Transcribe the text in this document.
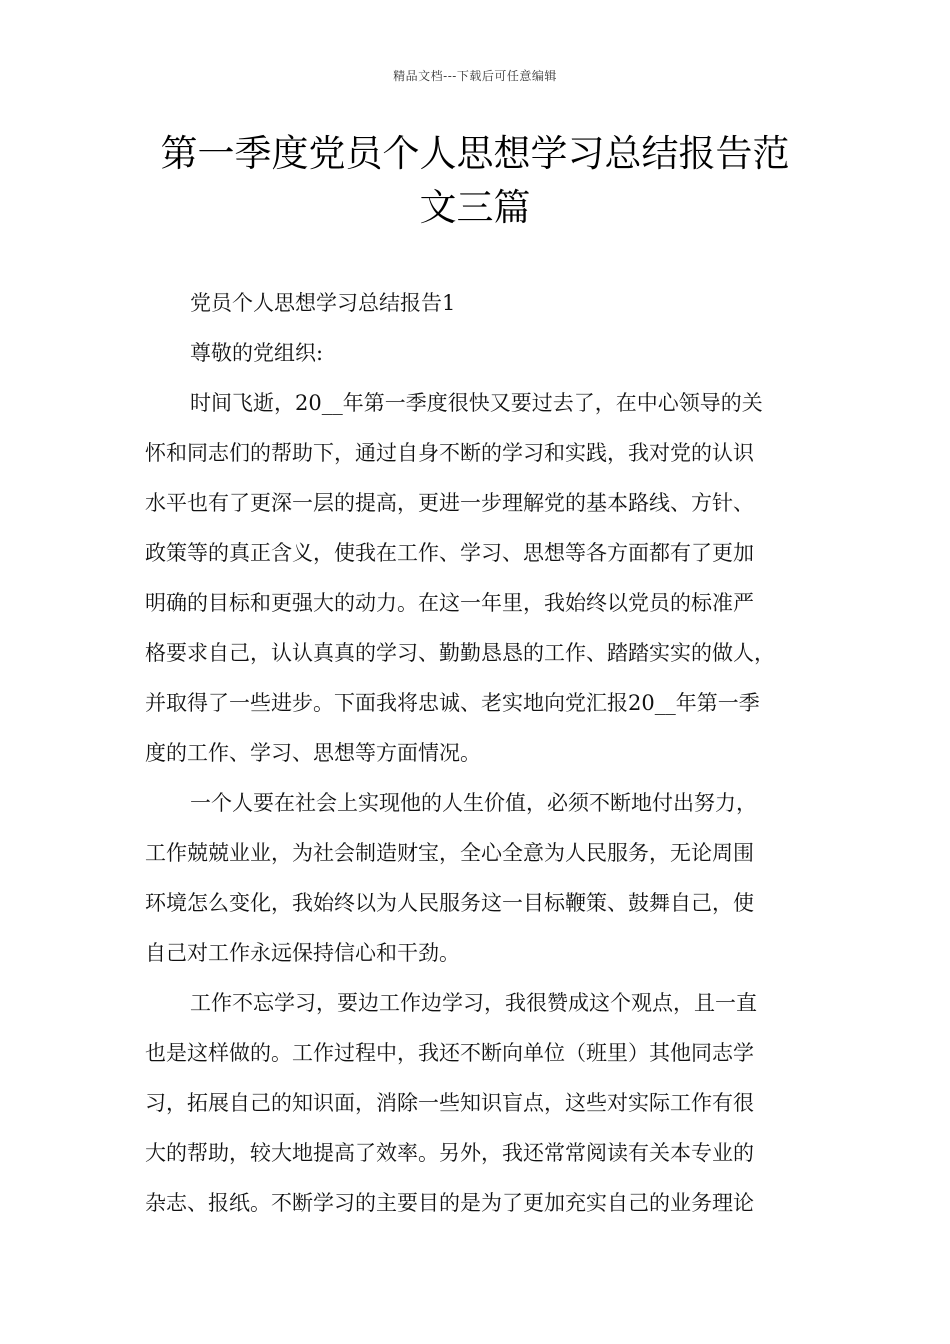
精品文档---下载后可任意编辑
第一季度党员个人思想学习总结报告范
文三篇
党员个人思想学习总结报告1
尊敬的党组织:
时间飞逝，20__年第一季度很快又要过去了，在中心领导的关
怀和同志们的帮助下，通过自身不断的学习和实践，我对党的认识
水平也有了更深一层的提高，更进一步理解党的基本路线、方针、
政策等的真正含义，使我在工作、学习、思想等各方面都有了更加
明确的目标和更强大的动力。在这一年里，我始终以党员的标准严
格要求自己，认认真真的学习、勤勤恳恳的工作、踏踏实实的做人，
并取得了一些进步。下面我将忠诚、老实地向党汇报20__年第一季
度的工作、学习、思想等方面情况。
一个人要在社会上实现他的人生价值，必须不断地付出努力，
工作兢兢业业，为社会制造财宝，全心全意为人民服务，无论周围
环境怎么变化，我始终以为人民服务这一目标鞭策、鼓舞自己，使
自己对工作永远保持信心和干劲。
工作不忘学习，要边工作边学习，我很赞成这个观点，且一直
也是这样做的。工作过程中，我还不断向单位（班里）其他同志学
习，拓展自己的知识面，消除一些知识盲点，这些对实际工作有很
大的帮助，较大地提高了效率。另外，我还常常阅读有关本专业的
杂志、报纸。不断学习的主要目的是为了更加充实自己的业务理论
